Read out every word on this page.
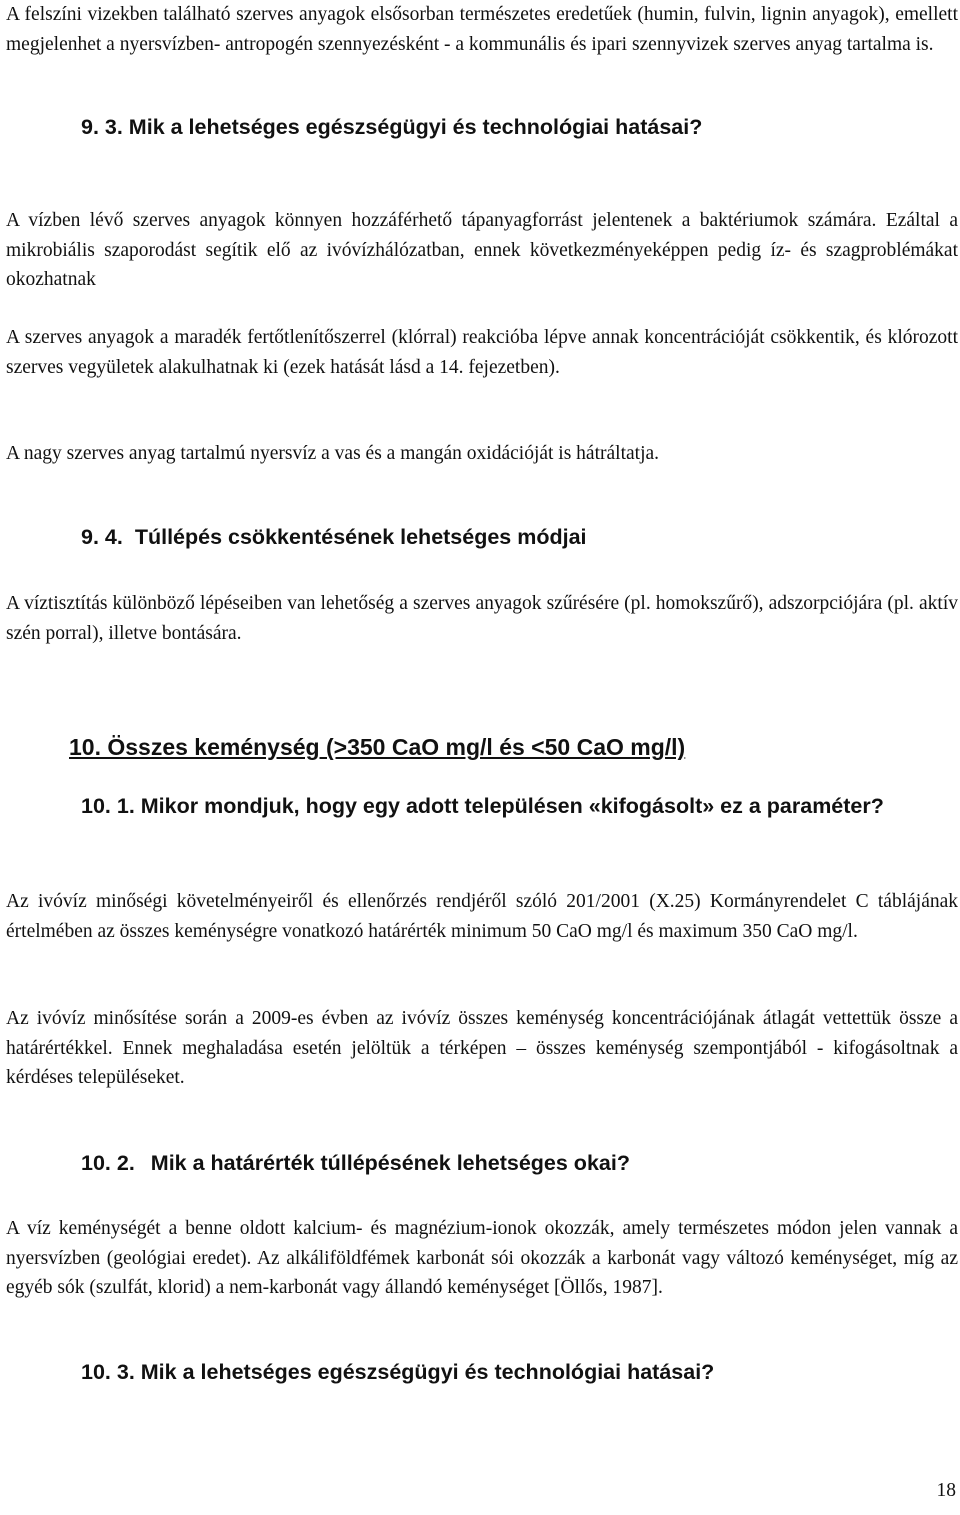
A felszíni vizekben található szerves anyagok elsősorban természetes eredetűek (humin, fulvin, lignin anyagok), emellett megjelenhet a nyersvízben- antropogén szennyezésként - a kommunális és ipari szennyvizek szerves anyag tartalma is.

9. 3. Mik a lehetséges egészségügyi és technológiai hatásai?

A vízben lévő szerves anyagok könnyen hozzáférhető tápanyagforrást jelentenek a baktériumok számára. Ezáltal a mikrobiális szaporodást segítik elő az ivóvízhálózatban, ennek következményeképpen pedig íz- és szagproblémákat okozhatnak

A szerves anyagok a maradék fertőtlenítőszerrel (klórral) reakcióba lépve annak koncentrációját csökkentik, és klórozott szerves vegyületek alakulhatnak ki (ezek hatását lásd a 14. fejezetben).

A nagy szerves anyag tartalmú nyersvíz a vas és a mangán oxidációját is hátráltatja.

9. 4. Túllépés csökkentésének lehetséges módjai

A víztisztítás különböző lépéseiben van lehetőség a szerves anyagok szűrésére (pl. homokszűrő), adszorpciójára (pl. aktív szén porral), illetve bontására.

10. Összes keménység (>350 CaO mg/l és <50 CaO mg/l)
10. 1. Mikor mondjuk, hogy egy adott településen «kifogásolt» ez a paraméter?

Az ivóvíz minőségi követelményeiről és ellenőrzés rendjéről szóló 201/2001 (X.25) Kormányrendelet C táblájának értelmében az összes keménységre vonatkozó határérték minimum 50 CaO mg/l és maximum 350 CaO mg/l.

Az ivóvíz minősítése során a 2009-es évben az ivóvíz összes keménység koncentrációjának átlagát vettettük össze a határértékkel. Ennek meghaladása esetén jelöltük a térképen – összes keménység szempontjából - kifogásoltnak a kérdéses településeket.

10. 2. Mik a határérték túllépésének lehetséges okai?

A víz keménységét a benne oldott kalcium- és magnézium-ionok okozzák, amely természetes módon jelen vannak a nyersvízben (geológiai eredet). Az alkáliföldfémek karbonát sói okozzák a karbonát vagy változó keménységet, míg az egyéb sók (szulfát, klorid) a nem-karbonát vagy állandó keménységet [Öllős, 1987].

10. 3. Mik a lehetséges egészségügyi és technológiai hatásai?
18
